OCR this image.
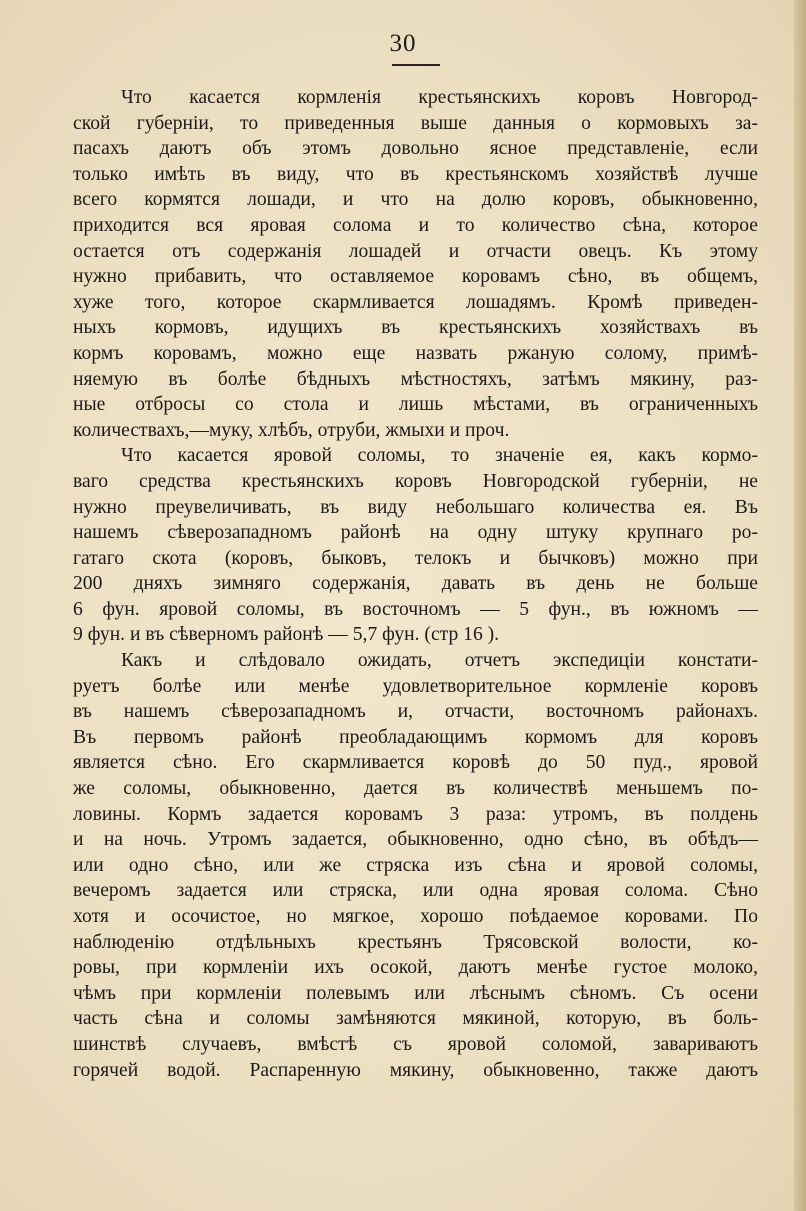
30
Что касается кормленія крестьянскихъ коровъ Новгород-
ской губерніи, то приведенныя выше данныя о кормовыхъ за-
пасахъ даютъ объ этомъ довольно ясное представленіе, если
только имѣть въ виду, что въ крестьянскомъ хозяйствѣ лучше
всего кормятся лошади, и что на долю коровъ, обыкновенно,
приходится вся яровая солома и то количество сѣна, которое
остается отъ содержанія лошадей и отчасти овецъ. Къ этому
нужно прибавить, что оставляемое коровамъ сѣно, въ общемъ,
хуже того, которое скармливается лошадямъ. Кромѣ приведен-
ныхъ кормовъ, идущихъ въ крестьянскихъ хозяйствахъ въ
кормъ коровамъ, можно еще назвать ржаную солому, примѣ-
няемую въ болѣе бѣдныхъ мѣстностяхъ, затѣмъ мякину, раз-
ные отбросы со стола и лишь мѣстами, въ ограниченныхъ
количествахъ,—муку, хлѣбъ, отруби, жмыхи и проч.
Что касается яровой соломы, то значеніе ея, какъ кормо-
ваго средства крестьянскихъ коровъ Новгородской губерніи, не
нужно преувеличивать, въ виду небольшаго количества ея. Въ
нашемъ сѣверозападномъ районѣ на одну штуку крупнаго ро-
гатаго скота (коровъ, быковъ, телокъ и бычковъ) можно при
200 дняхъ зимняго содержанія, давать въ день не больше
6 фун. яровой соломы, въ восточномъ — 5 фун., въ южномъ —
9 фун. и въ сѣверномъ районѣ — 5,7 фун. (стр 16 ).
Какъ и слѣдовало ожидать, отчетъ экспедиціи констати-
руетъ болѣе или менѣе удовлетворительное кормленіе коровъ
въ нашемъ сѣверозападномъ и, отчасти, восточномъ районахъ.
Въ первомъ районѣ преобладающимъ кормомъ для коровъ
является сѣно. Его скармливается коровѣ до 50 пуд., яровой
же соломы, обыкновенно, дается въ количествѣ меньшемъ по-
ловины. Кормъ задается коровамъ 3 раза: утромъ, въ полдень
и на ночь. Утромъ задается, обыкновенно, одно сѣно, въ обѣдъ—
или одно сѣно, или же стряска изъ сѣна и яровой соломы,
вечеромъ задается или стряска, или одна яровая солома. Сѣно
хотя и осочистое, но мягкое, хорошо поѣдаемое коровами. По
наблюденію отдѣльныхъ крестьянъ Трясовской волости, ко-
ровы, при кормленіи ихъ осокой, даютъ менѣе густое молоко,
чѣмъ при кормленіи полевымъ или лѣснымъ сѣномъ. Съ осени
часть сѣна и соломы замѣняются мякиной, которую, въ боль-
шинствѣ случаевъ, вмѣстѣ съ яровой соломой, завариваютъ
горячей водой. Распаренную мякину, обыкновенно, также даютъ
